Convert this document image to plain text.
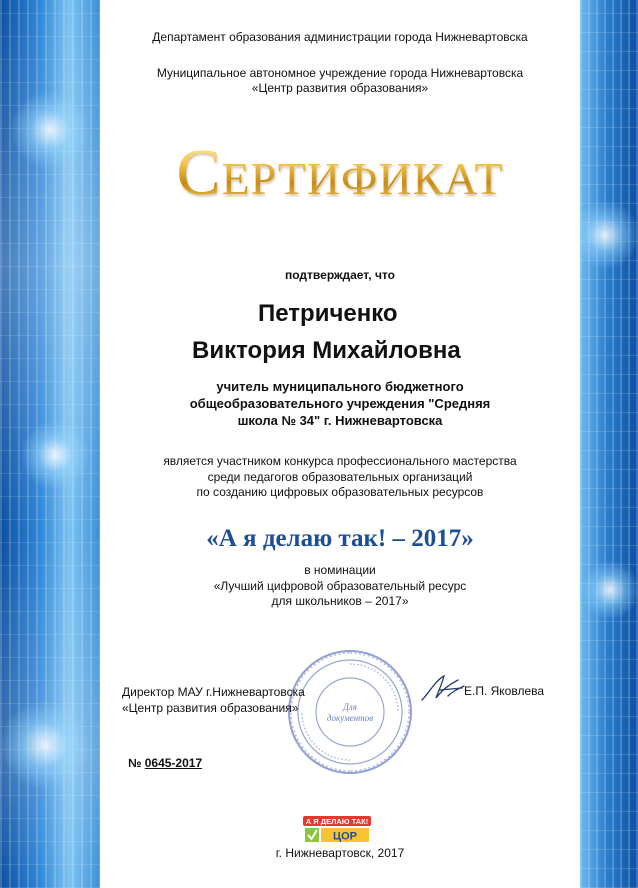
Департамент образования администрации города Нижневартовска
Муниципальное автономное учреждение города Нижневартовска
«Центр развития образования»
Сертификат
подтверждает, что
Петриченко
Виктория Михайловна
учитель муниципального бюджетного
общеобразовательного учреждения "Средняя
школа № 34" г. Нижневартовска
является участником конкурса профессионального мастерства
среди педагогов образовательных организаций
по созданию цифровых образовательных ресурсов
«А я делаю так! – 2017»
в номинации
«Лучший цифровой образовательный ресурс
для школьников – 2017»
Для
документов
Директор МАУ г.Нижневартовска
«Центр развития образования»
Е.П. Яковлева
№ 0645-2017
А Я ДЕЛАЮ ТАК!
ЦОР
г. Нижневартовск, 2017
1
